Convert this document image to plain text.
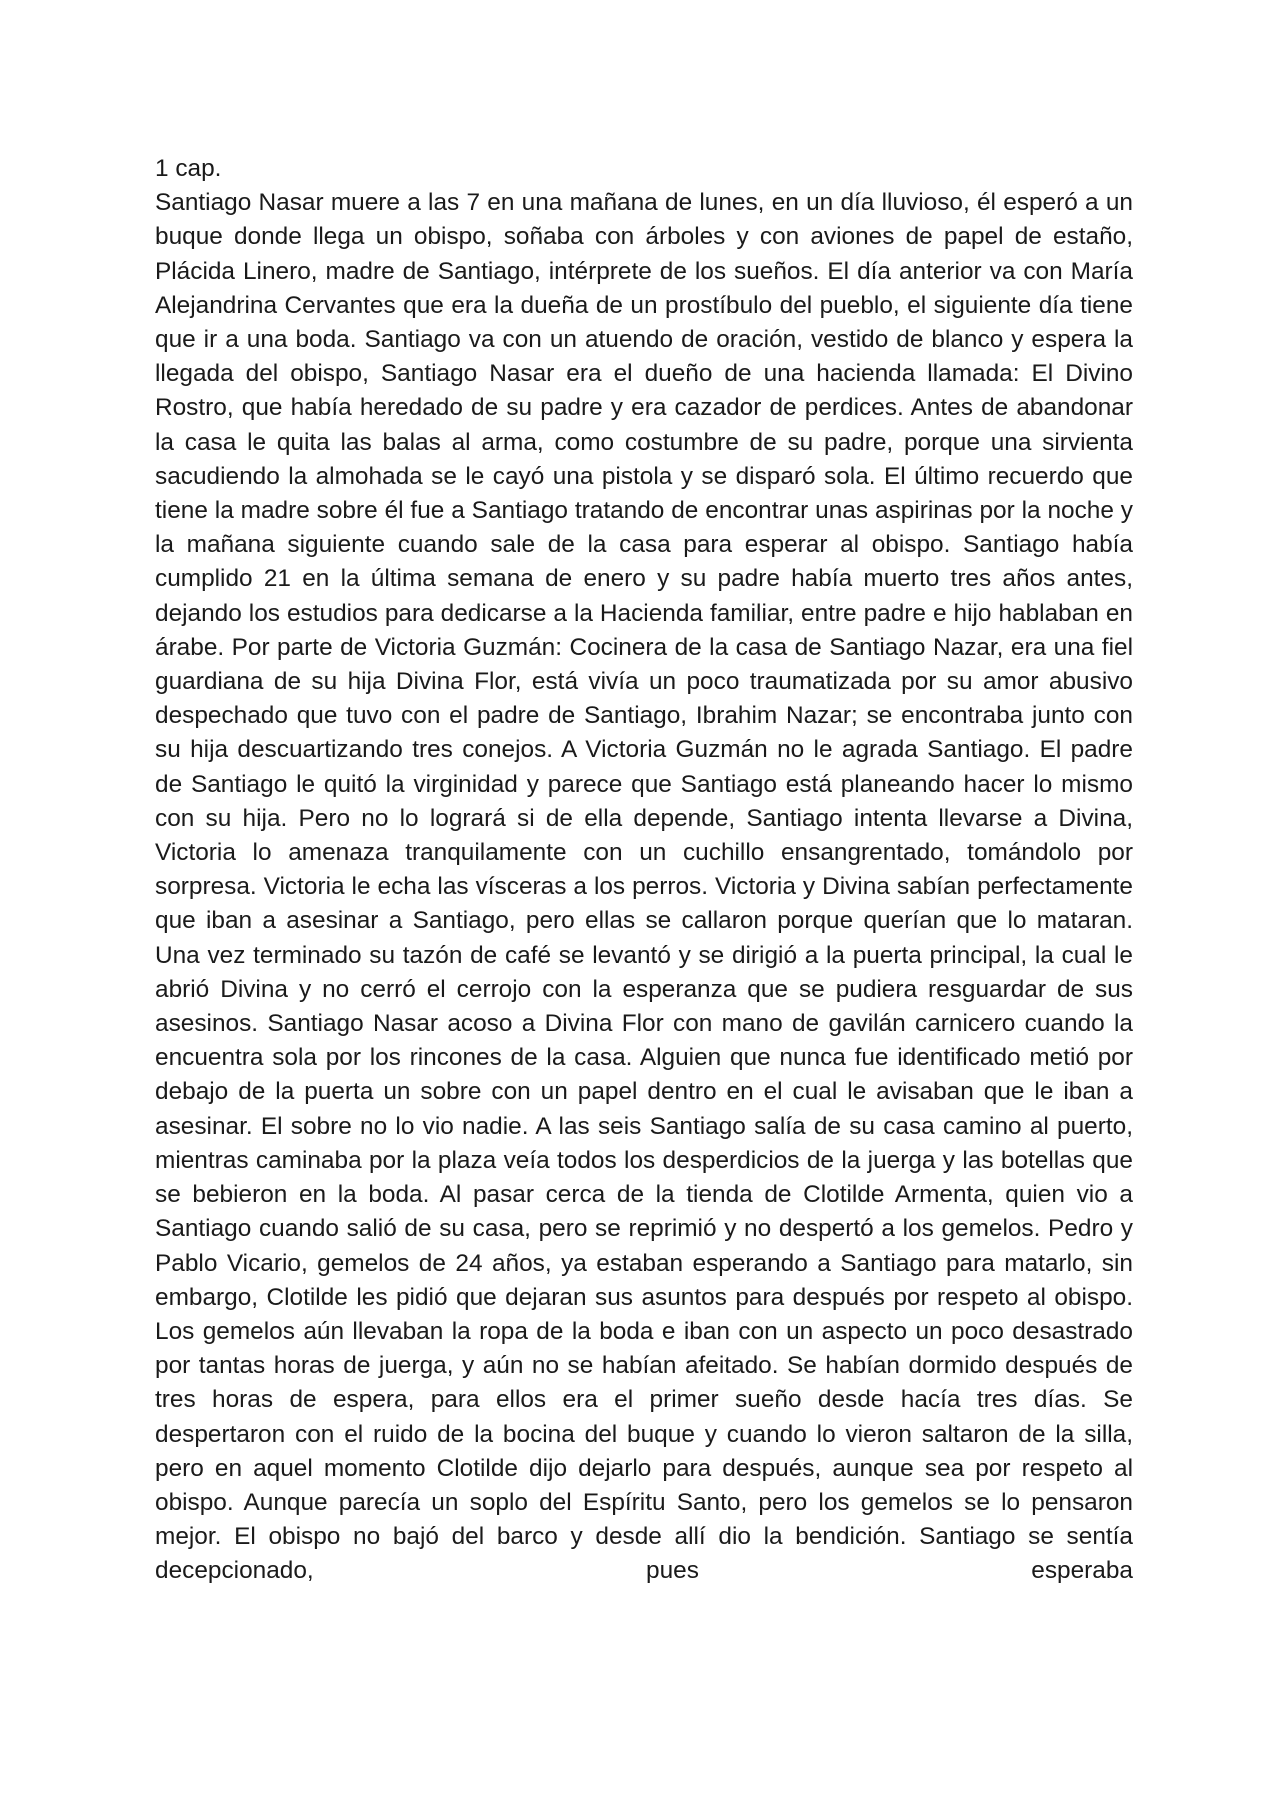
1 cap.

Santiago Nasar muere a las 7 en una mañana de lunes, en un día lluvioso, él esperó a un buque donde llega un obispo, soñaba con árboles y con aviones de papel de estaño, Plácida Linero, madre de Santiago, intérprete de los sueños. El día anterior va con María Alejandrina Cervantes que era la dueña de un prostíbulo del pueblo, el siguiente día tiene que ir a una boda. Santiago va con un atuendo de oración, vestido de blanco y espera la llegada del obispo, Santiago Nasar era el dueño de una hacienda llamada: El Divino Rostro, que había heredado de su padre y era cazador de perdices. Antes de abandonar la casa le quita las balas al arma, como costumbre de su padre, porque una sirvienta sacudiendo la almohada se le cayó una pistola y se disparó sola. El último recuerdo que tiene la madre sobre él fue a Santiago tratando de encontrar unas aspirinas por la noche y la mañana siguiente cuando sale de la casa para esperar al obispo. Santiago había cumplido 21 en la última semana de enero y su padre había muerto tres años antes, dejando los estudios para dedicarse a la Hacienda familiar, entre padre e hijo hablaban en árabe. Por parte de Victoria Guzmán: Cocinera de la casa de Santiago Nazar, era una fiel guardiana de su hija Divina Flor, está vivía un poco traumatizada por su amor abusivo despechado que tuvo con el padre de Santiago, Ibrahim Nazar; se encontraba junto con su hija descuartizando tres conejos. A Victoria Guzmán no le agrada Santiago. El padre de Santiago le quitó la virginidad y parece que Santiago está planeando hacer lo mismo con su hija. Pero no lo logrará si de ella depende, Santiago intenta llevarse a Divina, Victoria lo amenaza tranquilamente con un cuchillo ensangrentado, tomándolo por sorpresa. Victoria le echa las vísceras a los perros. Victoria y Divina sabían perfectamente que iban a asesinar a Santiago, pero ellas se callaron porque querían que lo mataran. Una vez terminado su tazón de café se levantó y se dirigió a la puerta principal, la cual le abrió Divina y no cerró el cerrojo con la esperanza que se pudiera resguardar de sus asesinos. Santiago Nasar acoso a Divina Flor con mano de gavilán carnicero cuando la encuentra sola por los rincones de la casa. Alguien que nunca fue identificado metió por debajo de la puerta un sobre con un papel dentro en el cual le avisaban que le iban a asesinar. El sobre no lo vio nadie. A las seis Santiago salía de su casa camino al puerto, mientras caminaba por la plaza veía todos los desperdicios de la juerga y las botellas que se bebieron en la boda. Al pasar cerca de la tienda de Clotilde Armenta, quien vio a Santiago cuando salió de su casa, pero se reprimió y no despertó a los gemelos. Pedro y Pablo Vicario, gemelos de 24 años, ya estaban esperando a Santiago para matarlo, sin embargo, Clotilde les pidió que dejaran sus asuntos para después por respeto al obispo. Los gemelos aún llevaban la ropa de la boda e iban con un aspecto un poco desastrado por tantas horas de juerga, y aún no se habían afeitado. Se habían dormido después de tres horas de espera, para ellos era el primer sueño desde hacía tres días. Se despertaron con el ruido de la bocina del buque y cuando lo vieron saltaron de la silla, pero en aquel momento Clotilde dijo dejarlo para después, aunque sea por respeto al obispo. Aunque parecía un soplo del Espíritu Santo, pero los gemelos se lo pensaron mejor. El obispo no bajó del barco y desde allí dio la bendición. Santiago se sentía decepcionado, pues esperaba
